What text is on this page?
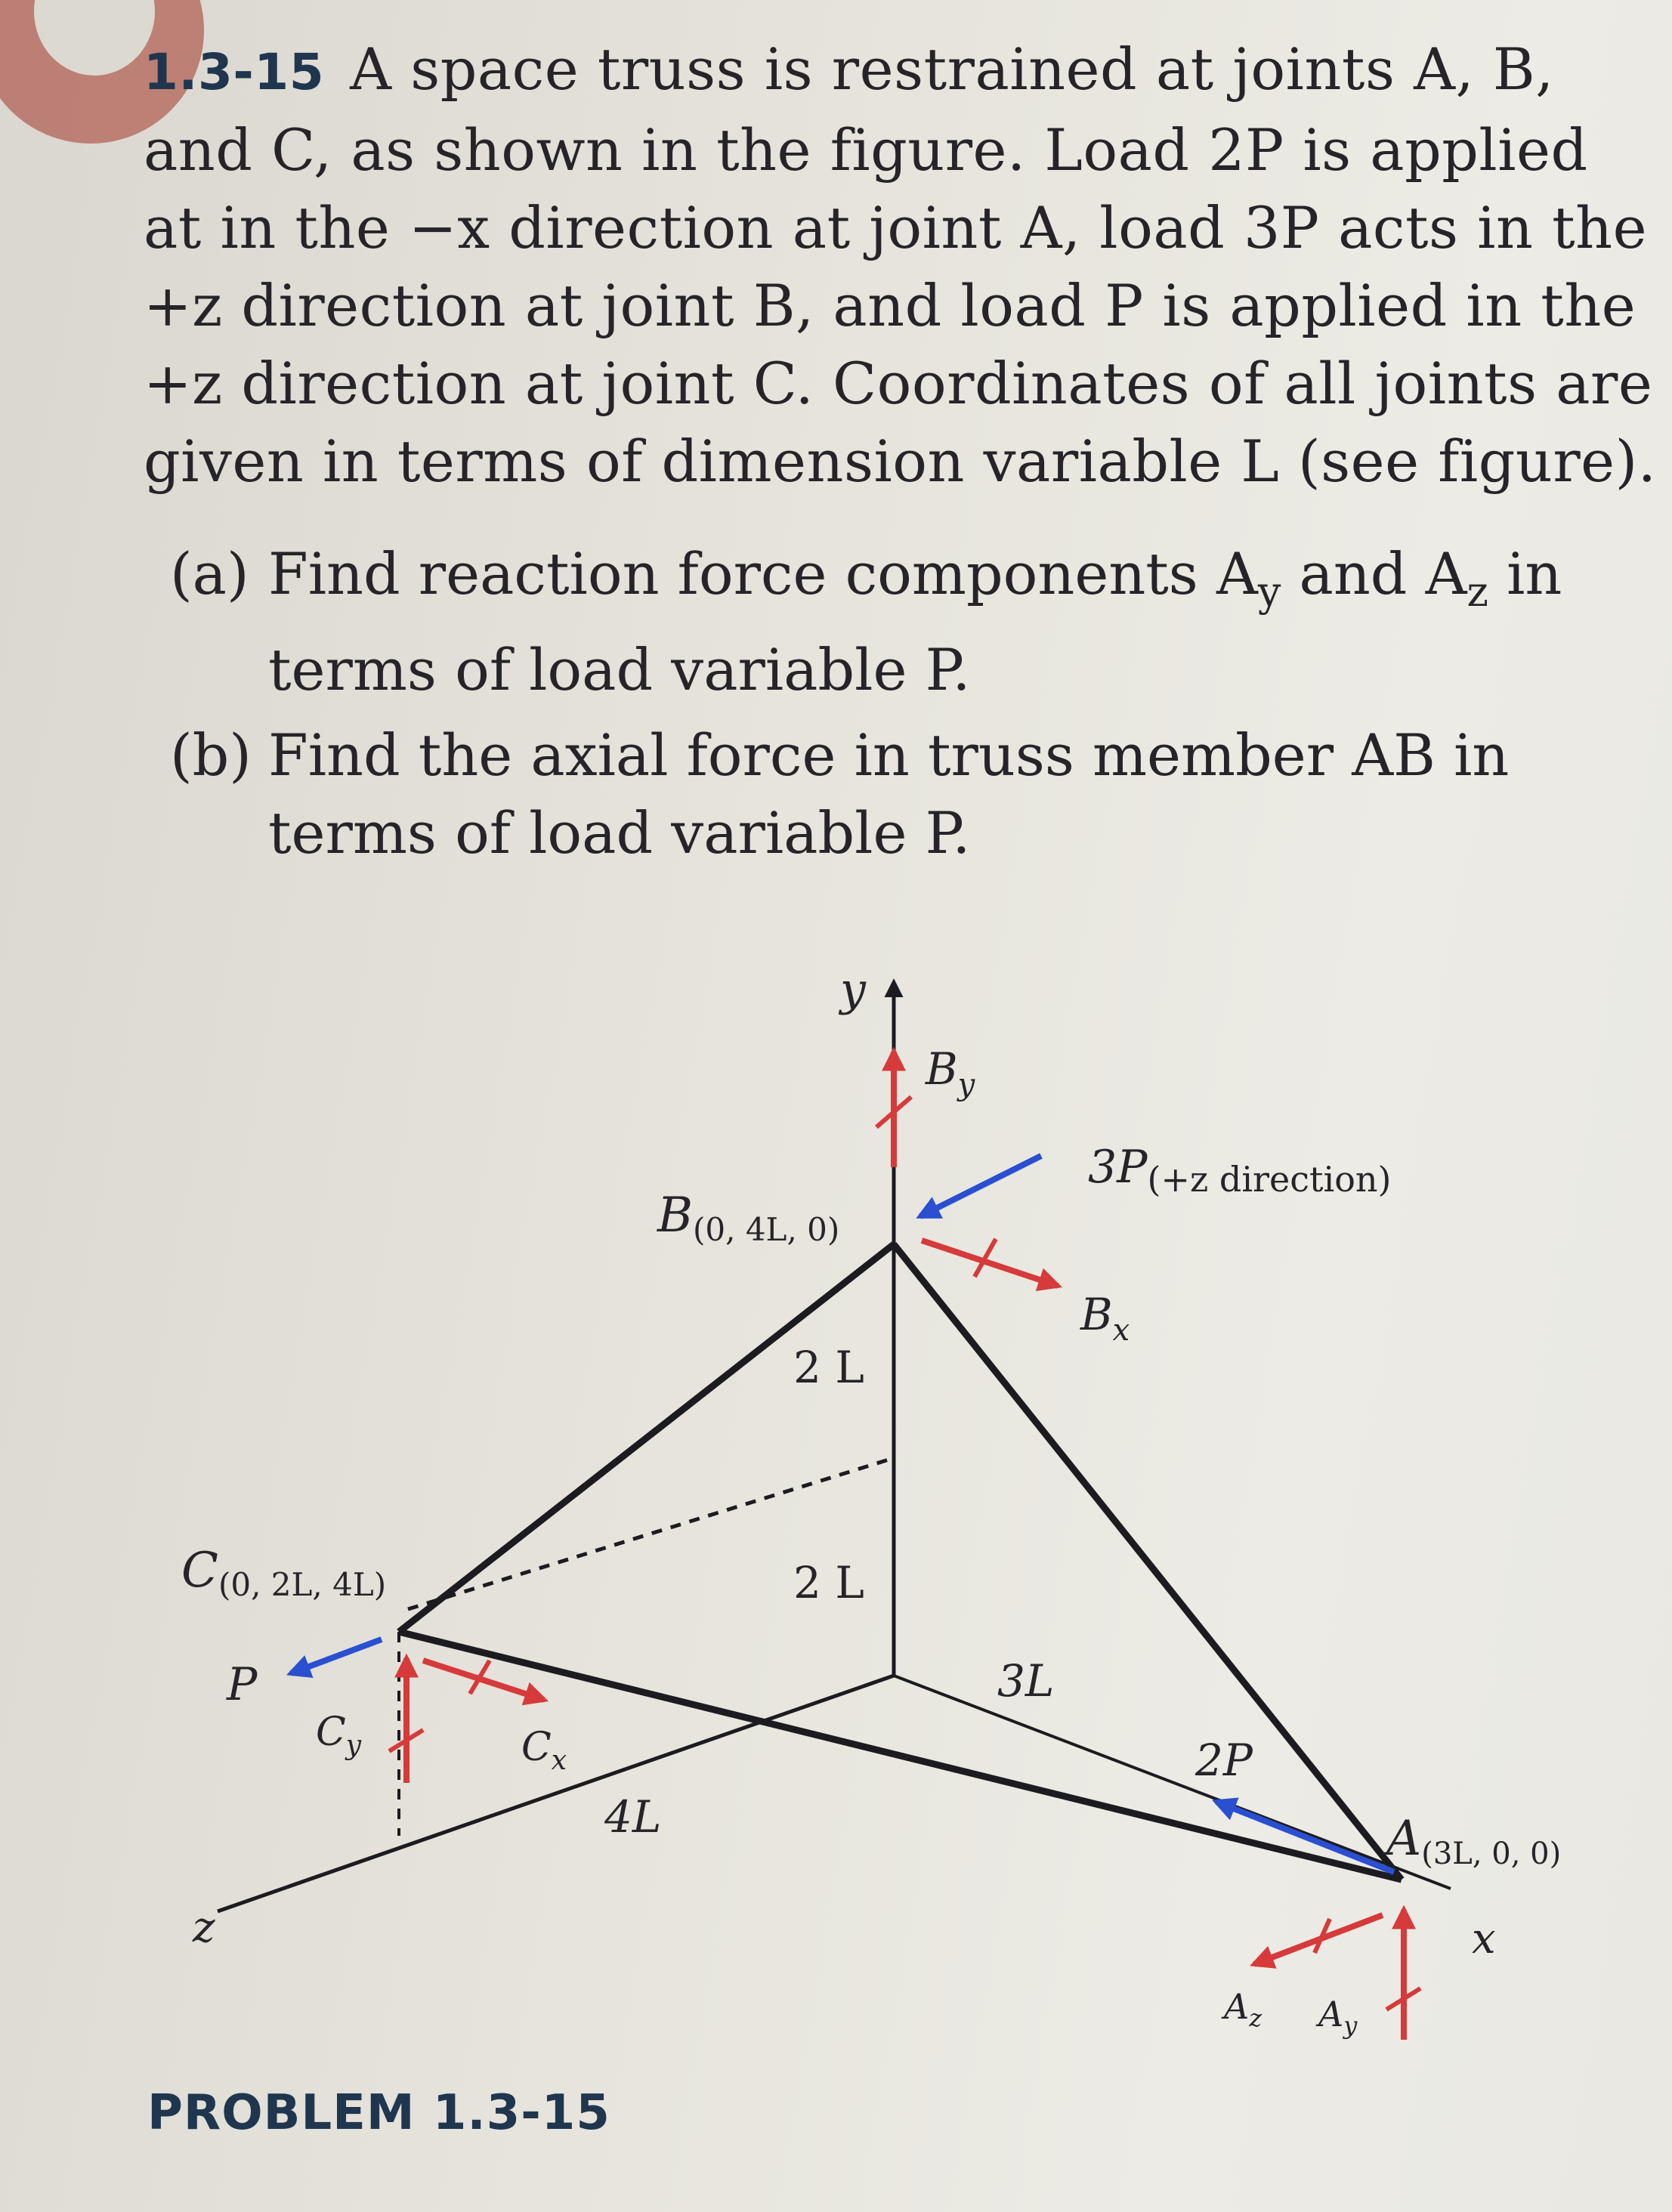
1.3-15 A space truss is restrained at joints A, B,
and C, as shown in the figure. Load 2P is applied
at in the −x direction at joint A, load 3P acts in the
+z direction at joint B, and load P is applied in the
+z direction at joint C. Coordinates of all joints are
given in terms of dimension variable L (see figure).
(a) Find reaction force components $A_y$ and $A_z$ in
terms of load variable P.
(b) Find the axial force in truss member AB in
terms of load variable P.
y
x
z
$B_y$
$3P_{(+z direction)}$
B(0, 4L, 0)
$B_x$
2 L
2 L
3L
4L
C(0, 2L, 4L)
P
$C_y$	$C_x$	2P
A(3L, 0, 0)
$A_z$ $A_y$
PROBLEM 1.3-15
